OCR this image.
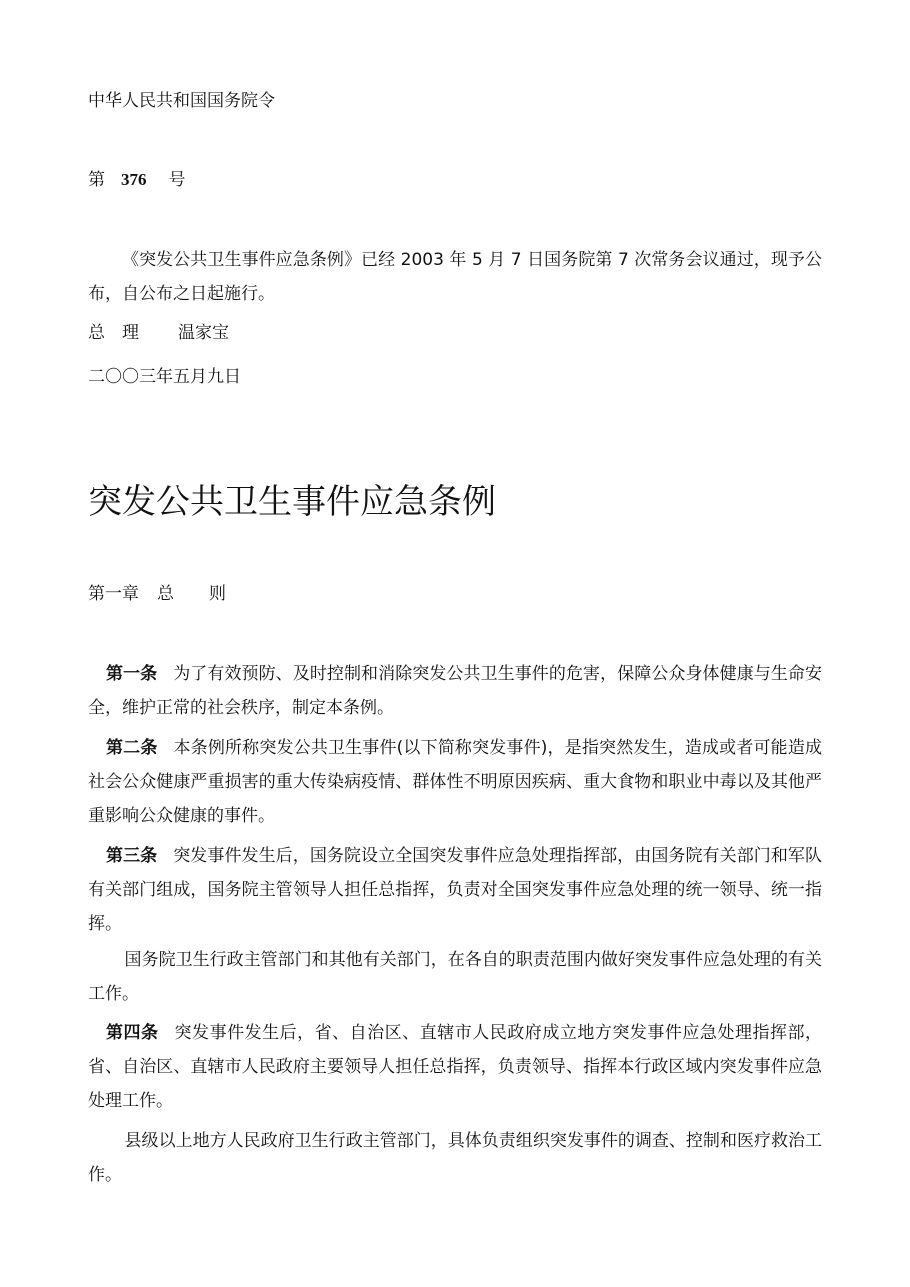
中华人民共和国国务院令
第 376 号
《突发公共卫生事件应急条例》已经 2003 年 5 月 7 日国务院第 7 次常务会议通过，现予公布，自公布之日起施行。
总　理 温家宝
二〇〇三年五月九日
突发公共卫生事件应急条例
第一章 总 则
第一条 为了有效预防、及时控制和消除突发公共卫生事件的危害，保障公众身体健康与生命安全，维护正常的社会秩序，制定本条例。
第二条 本条例所称突发公共卫生事件(以下简称突发事件)，是指突然发生，造成或者可能造成社会公众健康严重损害的重大传染病疫情、群体性不明原因疾病、重大食物和职业中毒以及其他严重影响公众健康的事件。
第三条 突发事件发生后，国务院设立全国突发事件应急处理指挥部，由国务院有关部门和军队有关部门组成，国务院主管领导人担任总指挥，负责对全国突发事件应急处理的统一领导、统一指挥。
国务院卫生行政主管部门和其他有关部门，在各自的职责范围内做好突发事件应急处理的有关工作。
第四条 突发事件发生后，省、自治区、直辖市人民政府成立地方突发事件应急处理指挥部，省、自治区、直辖市人民政府主要领导人担任总指挥，负责领导、指挥本行政区域内突发事件应急处理工作。
县级以上地方人民政府卫生行政主管部门，具体负责组织突发事件的调查、控制和医疗救治工作。
